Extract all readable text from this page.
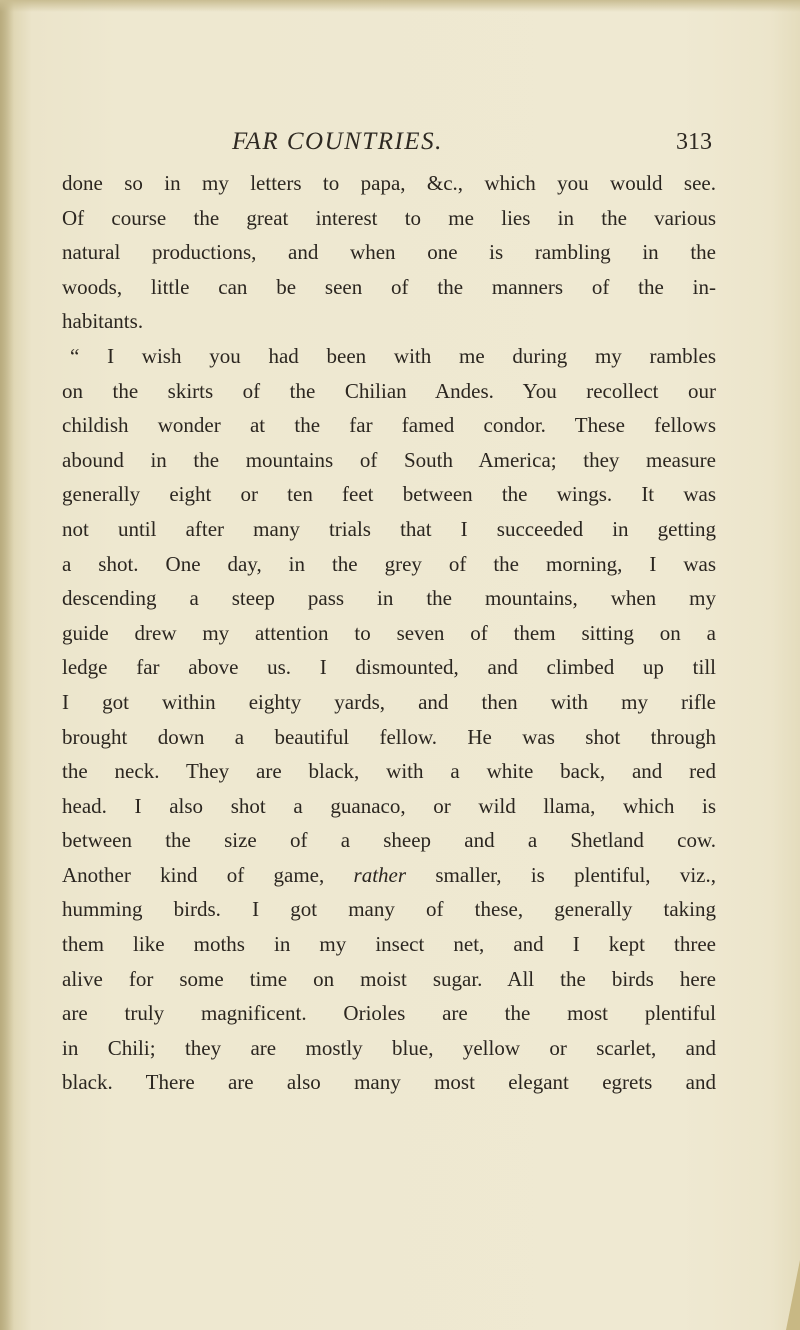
FAR COUNTRIES.	313
done so in my letters to papa, &c., which you would see.
Of course the great interest to me lies in the various
natural productions, and when one is rambling in the
woods, little can be seen of the manners of the in-
habitants.
“ I wish you had been with me during my rambles
on the skirts of the Chilian Andes. You recollect our
childish wonder at the far famed condor. These fellows
abound in the mountains of South America; they measure
generally eight or ten feet between the wings. It was
not until after many trials that I succeeded in getting
a shot. One day, in the grey of the morning, I was
descending a steep pass in the mountains, when my
guide drew my attention to seven of them sitting on a
ledge far above us. I dismounted, and climbed up till
I got within eighty yards, and then with my rifle
brought down a beautiful fellow. He was shot through
the neck. They are black, with a white back, and red
head. I also shot a guanaco, or wild llama, which is
between the size of a sheep and a Shetland cow.
Another kind of game, rather smaller, is plentiful, viz.,
humming birds. I got many of these, generally taking
them like moths in my insect net, and I kept three
alive for some time on moist sugar. All the birds here
are truly magnificent. Orioles are the most plentiful
in Chili; they are mostly blue, yellow or scarlet, and
black. There are also many most elegant egrets and
